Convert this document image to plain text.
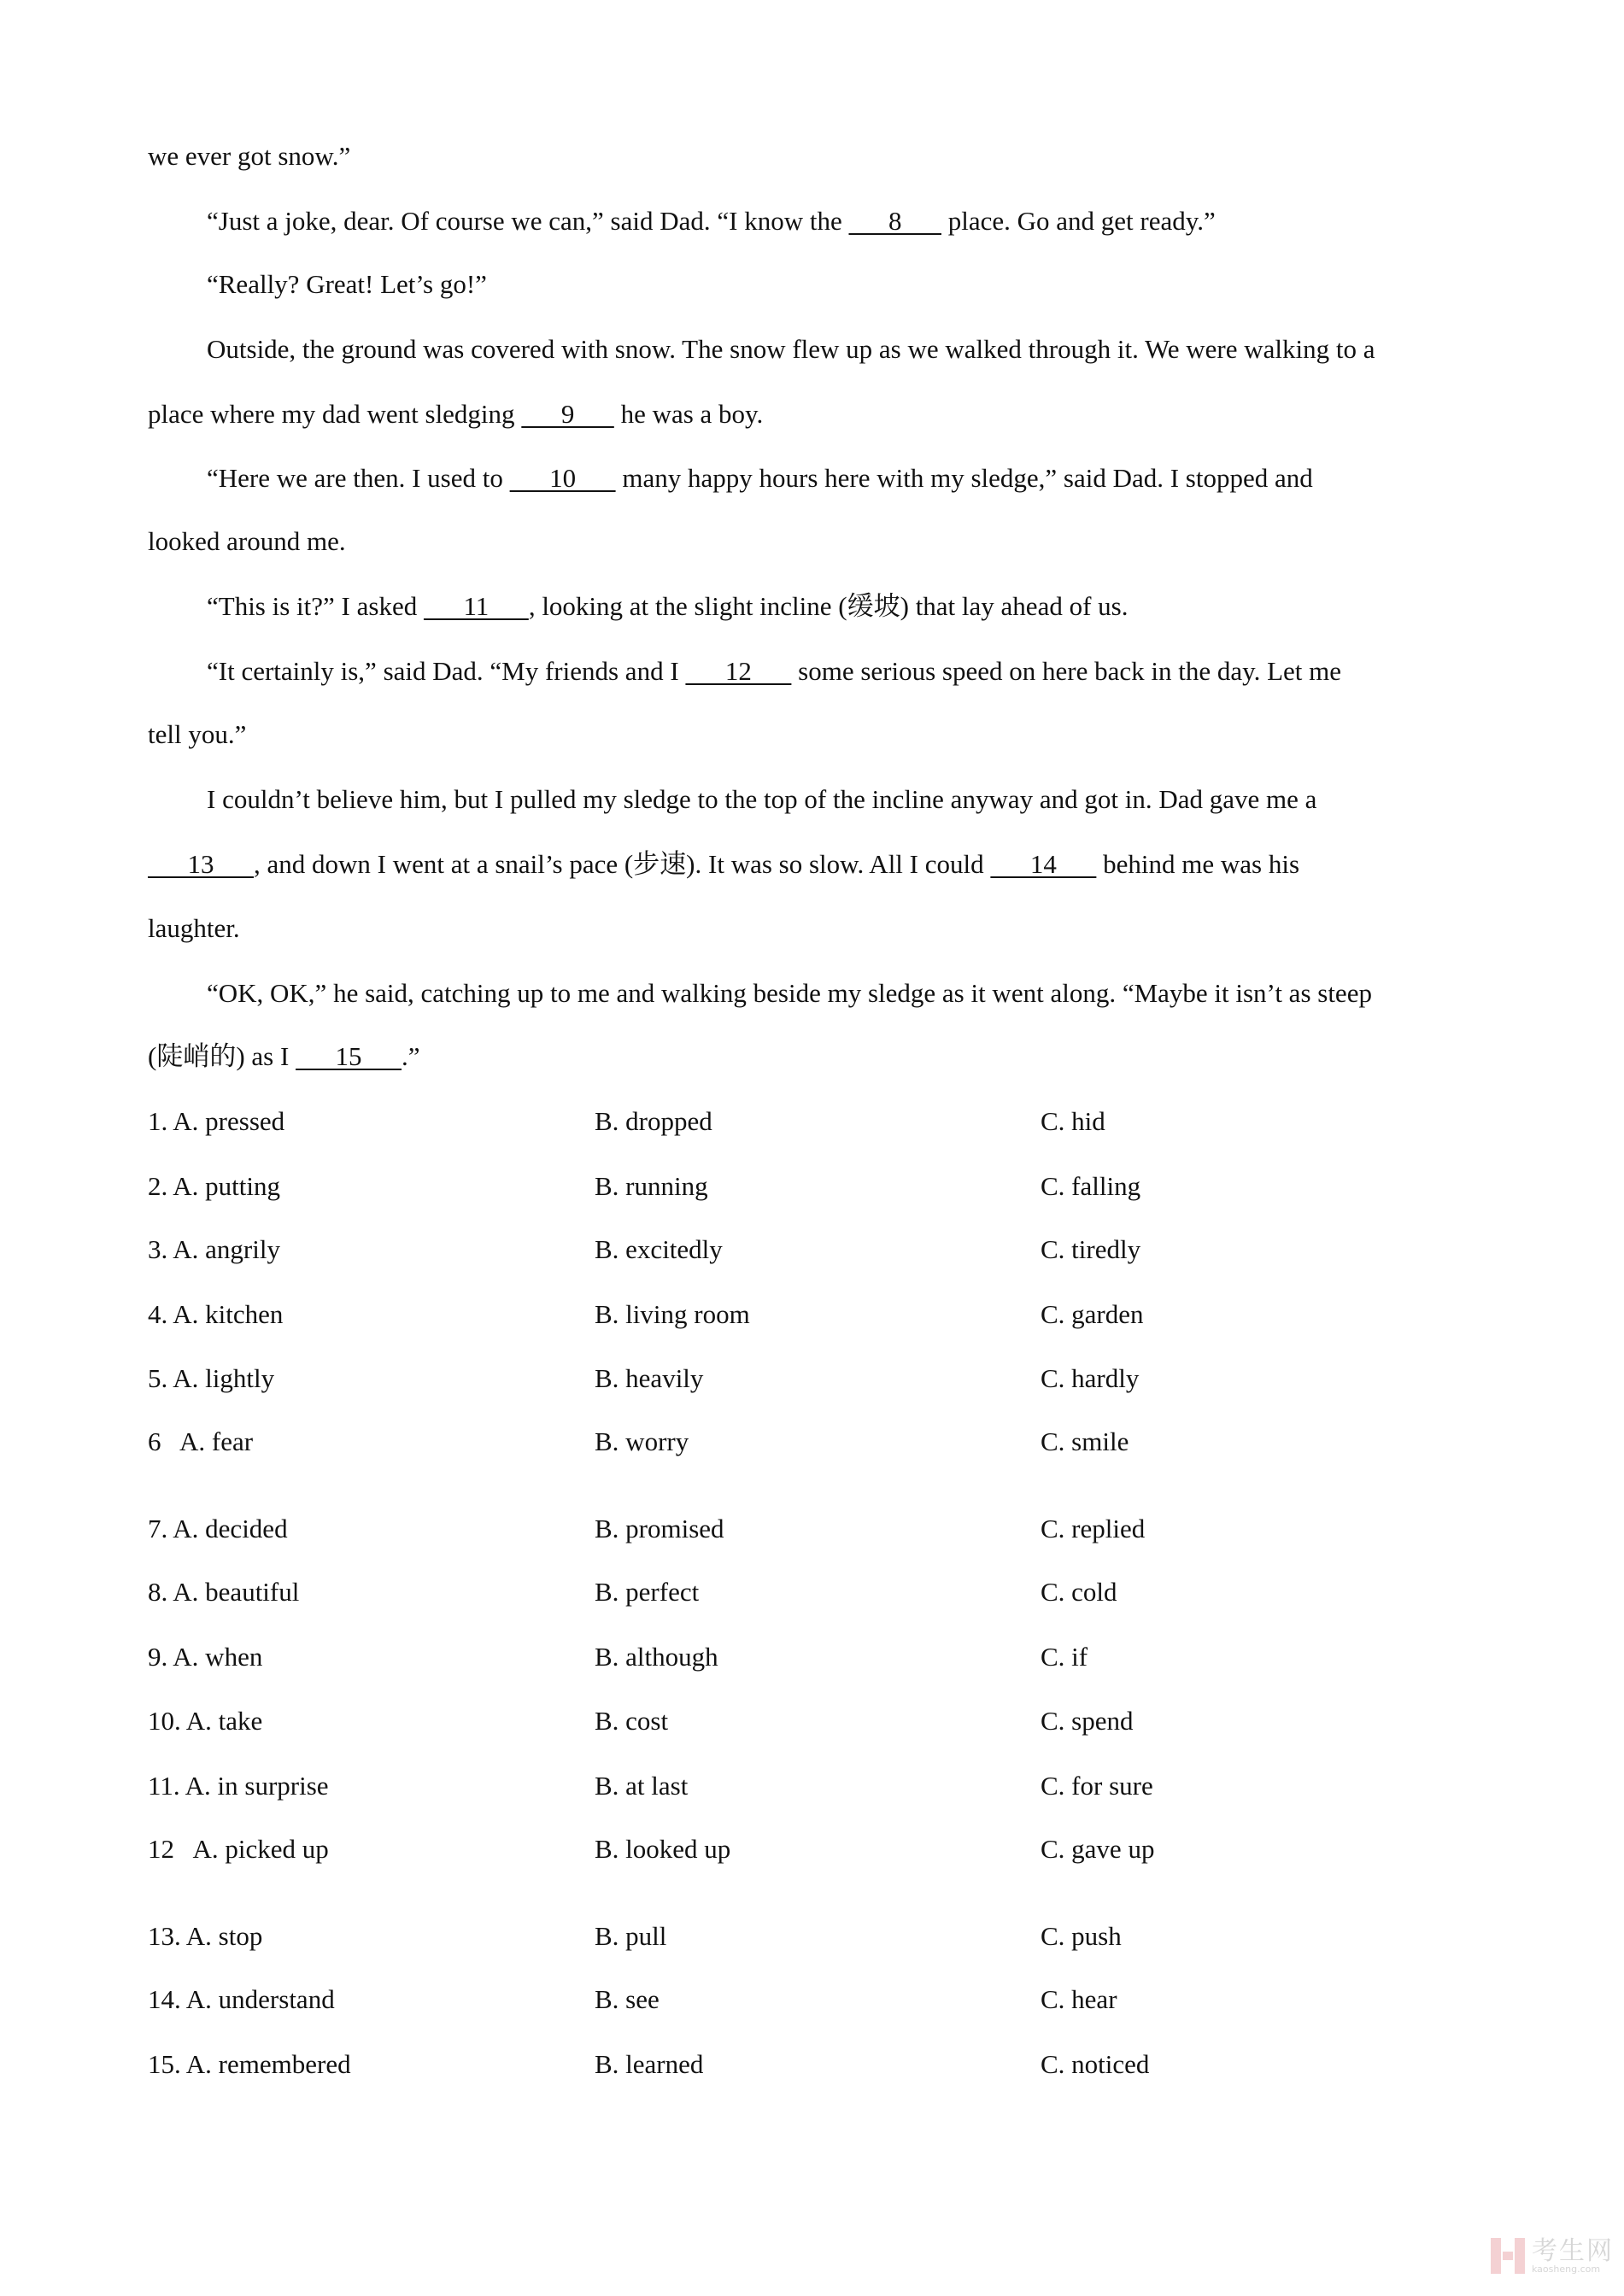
we ever got snow.”
“Just a joke, dear. Of course we can,” said Dad. “I know the    8    place. Go and get ready.”
“Really? Great! Let’s go!”
Outside, the ground was covered with snow. The snow flew up as we walked through it. We were walking to a
place where my dad went sledging    9    he was a boy.
“Here we are then. I used to    10    many happy hours here with my sledge,” said Dad. I stopped and
looked around me.
“This is it?” I asked    11   , looking at the slight incline (缓坡) that lay ahead of us.
“It certainly is,” said Dad. “My friends and I    12    some serious speed on here back in the day. Let me
tell you.”
I couldn’t believe him, but I pulled my sledge to the top of the incline anyway and got in. Dad gave me a
   13   , and down I went at a snail’s pace (步速). It was so slow. All I could    14    behind me was his
laughter.
“OK, OK,” he said, catching up to me and walking beside my sledge as it went along. “Maybe it isn’t as steep
(陡峭的) as I    15   .”
1. A. pressed	B. dropped	C. hid
2. A. putting	B. running	C. falling
3. A. angrily	B. excitedly	C. tiredly
4. A. kitchen	B. living room	C. garden
5. A. lightly	B. heavily	C. hardly
6   A. fear	B. worry	C. smile
7. A. decided	B. promised	C. replied
8. A. beautiful	B. perfect	C. cold
9. A. when	B. although	C. if
10. A. take	B. cost	C. spend
11. A. in surprise	B. at last	C. for sure
12   A. picked up	B. looked up	C. gave up
13. A. stop	B. pull	C. push
14. A. understand	B. see	C. hear
15. A. remembered	B. learned	C. noticed
考生网
kaosheng.com
